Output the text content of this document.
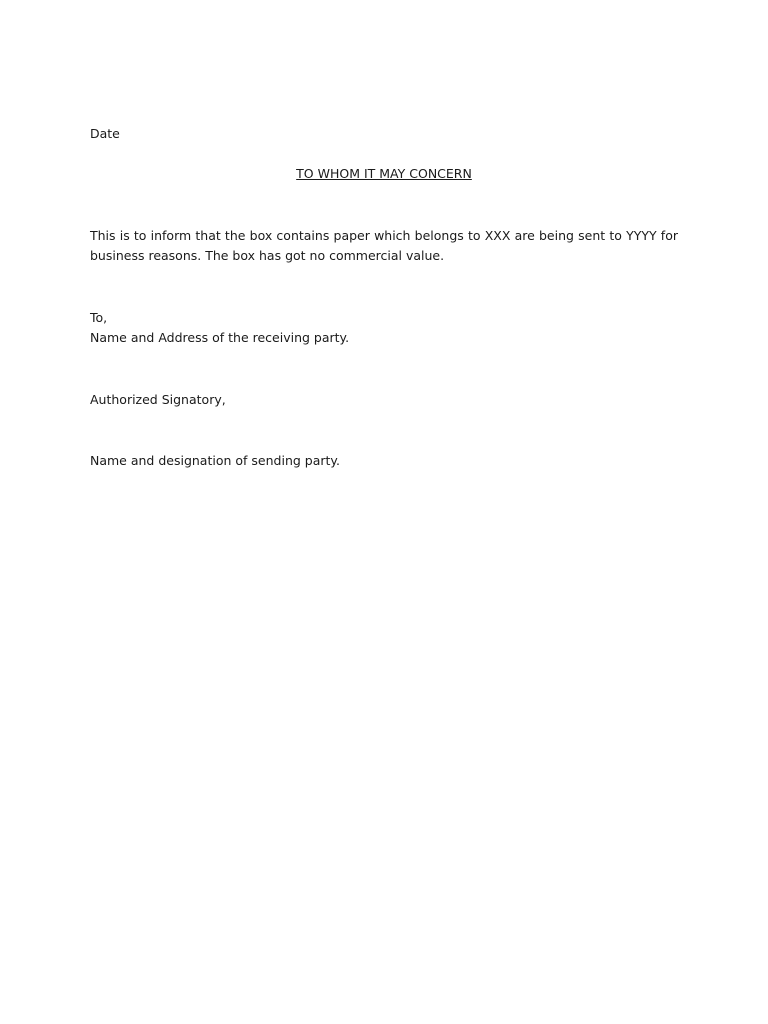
Date
TO WHOM IT MAY CONCERN
This is to inform that the box contains paper which belongs to XXX are being sent to YYYY for business reasons. The box has got no commercial value.
To,
Name and Address of the receiving party.
Authorized Signatory,
Name and designation of sending party.
